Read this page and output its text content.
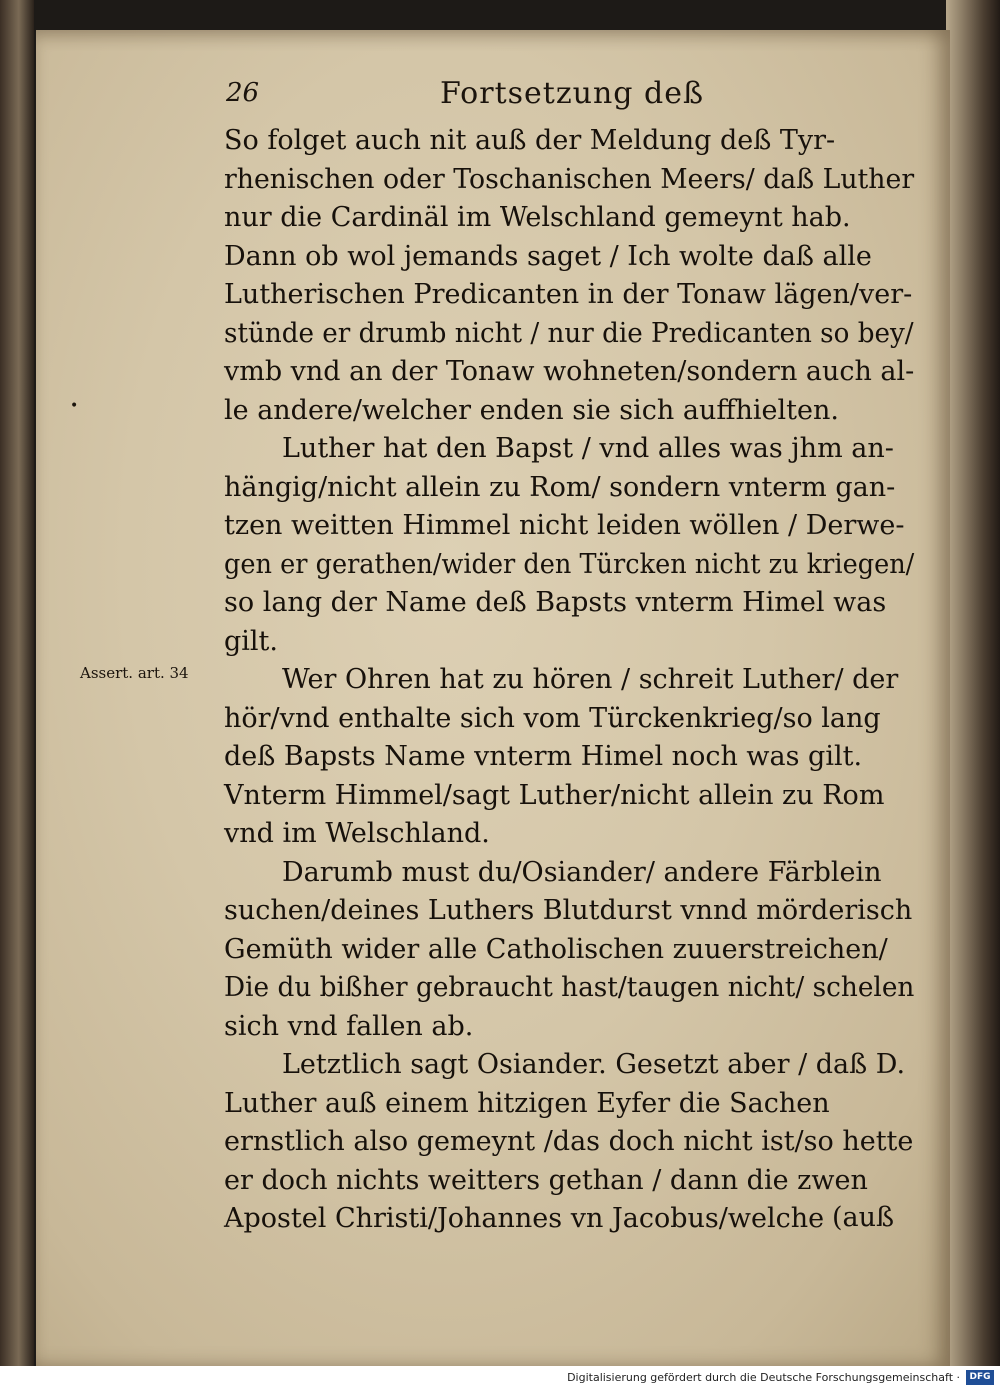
26	Fortsetzung deß
•
Assert. art. 34
So folget auch nit auß der Meldung deß Tyr-
rhenischen oder Toschanischen Meers/ daß Luther
nur die Cardinäl im Welschland gemeynt hab.
Dann ob wol jemands saget / Ich wolte daß alle
Lutherischen Predicanten in der Tonaw lägen/ver-
stünde er drumb nicht / nur die Predicanten so bey/
vmb vnd an der Tonaw wohneten/sondern auch al-
le andere/welcher enden sie sich auffhielten.
Luther hat den Bapst / vnd alles was jhm an-
hängig/nicht allein zu Rom/ sondern vnterm gan-
tzen weitten Himmel nicht leiden wöllen / Derwe-
gen er gerathen/wider den Türcken nicht zu kriegen/
so lang der Name deß Bapsts vnterm Himel was
gilt.
Wer Ohren hat zu hören / schreit Luther/ der
hör/vnd enthalte sich vom Türckenkrieg/so lang
deß Bapsts Name vnterm Himel noch was gilt.
Vnterm Himmel/sagt Luther/nicht allein zu Rom
vnd im Welschland.
Darumb must du/Osiander/ andere Färblein
suchen/deines Luthers Blutdurst vnnd mörderisch
Gemüth wider alle Catholischen zuuerstreichen/
Die du bißher gebraucht hast/taugen nicht/ schelen
sich vnd fallen ab.
Letztlich sagt Osiander. Gesetzt aber / daß D.
Luther auß einem hitzigen Eyfer die Sachen
ernstlich also gemeynt /das doch nicht ist/so hette
er doch nichts weitters gethan / dann die zwen
Apostel Christi/Johannes vn Jacobus/welche (auß
Digitalisierung gefördert durch die Deutsche Forschungsgemeinschaft ·	DFG
